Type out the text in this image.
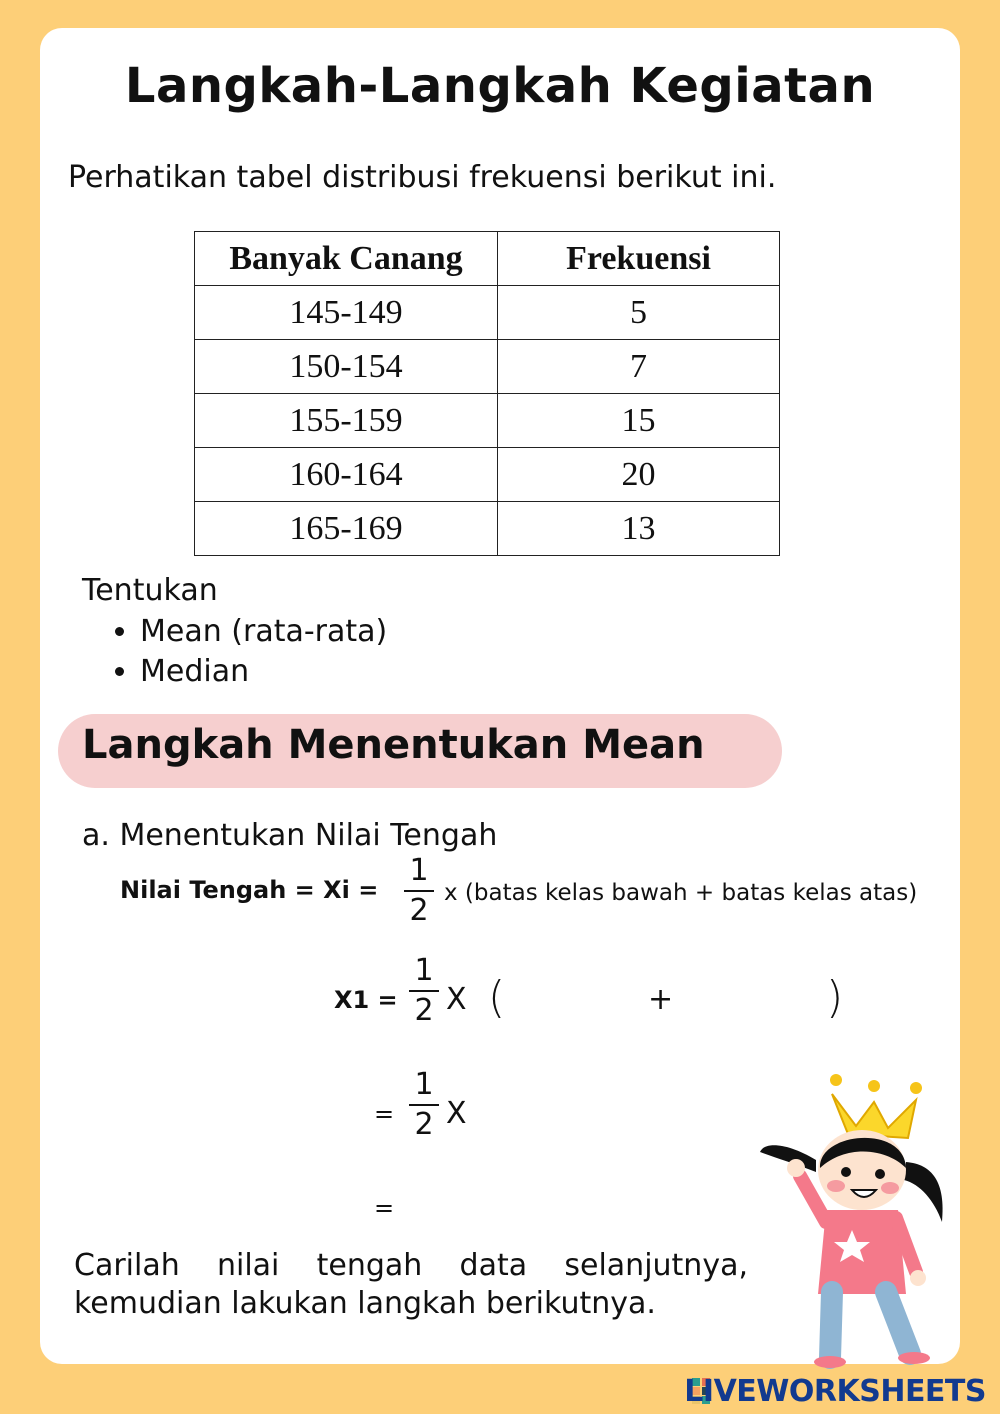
Langkah-Langkah Kegiatan
Perhatikan tabel distribusi frekuensi berikut ini.
Banyak Canang	Frekuensi
145-149	5
150-154	7
155-159	15
160-164	20
165-169	13
Tentukan
• Mean (rata-rata)
• Median
Langkah Menentukan Mean
a. Menentukan Nilai Tengah
Nilai Tengah = Xi =
1
2 x (batas kelas bawah + batas kelas atas)
X1 =
1
2 X (	+	)
=
1
2 X
=
Carilah nilai tengah data selanjutnya,
kemudian lakukan langkah berikutnya.
LIVEWORKSHEETS
